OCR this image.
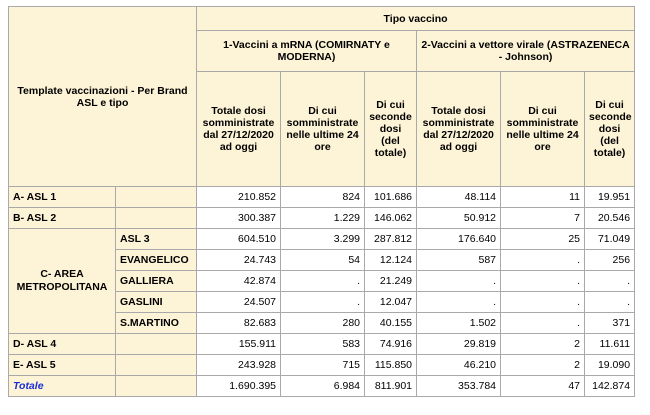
Template vaccinazioni - Per Brand ASL e tipo		Tipo vaccino					
		1-Vaccini a mRNA (COMIRNATY e MODERNA)			2-Vaccini a vettore virale (ASTRAZENECA - Johnson)		
		Totale dosi somministrate dal 27/12/2020 ad oggi	Di cui somministrate nelle ultime 24 ore	Di cui seconde dosi (del totale)	Totale dosi somministrate dal 27/12/2020 ad oggi	Di cui somministrate nelle ultime 24 ore	Di cui seconde dosi (del totale)
A- ASL 1		210.852	824	101.686	48.114	11	19.951
B- ASL 2		300.387	1.229	146.062	50.912	7	20.546
C- AREA METROPOLITANA	ASL 3	604.510	3.299	287.812	176.640	25	71.049
	EVANGELICO	24.743	54	12.124	587	.	256
	GALLIERA	42.874	.	21.249	.	.	.
	GASLINI	24.507	.	12.047	.	.	.
	S.MARTINO	82.683	280	40.155	1.502	.	371
D- ASL 4		155.911	583	74.916	29.819	2	11.611
E- ASL 5		243.928	715	115.850	46.210	2	19.090
Totale		1.690.395	6.984	811.901	353.784	47	142.874
